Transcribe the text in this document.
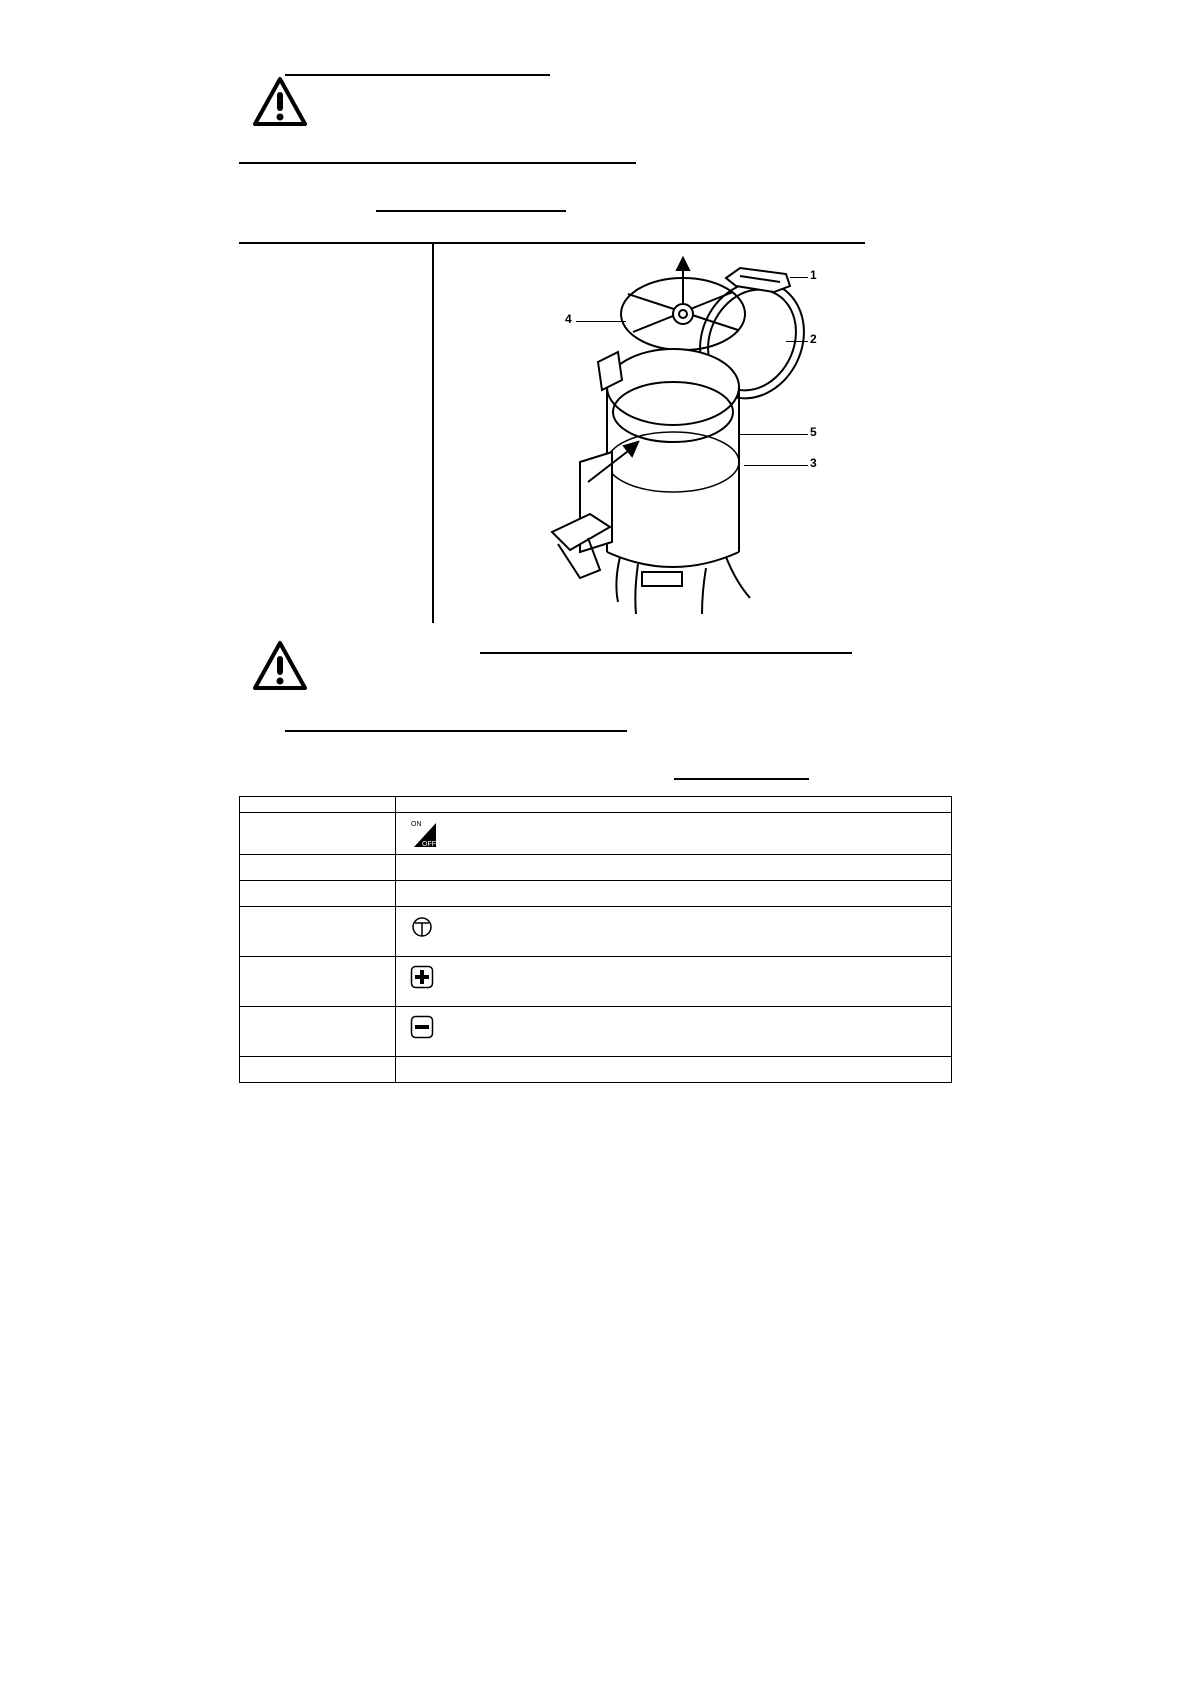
1
2
3
4
5

ON
OFF
